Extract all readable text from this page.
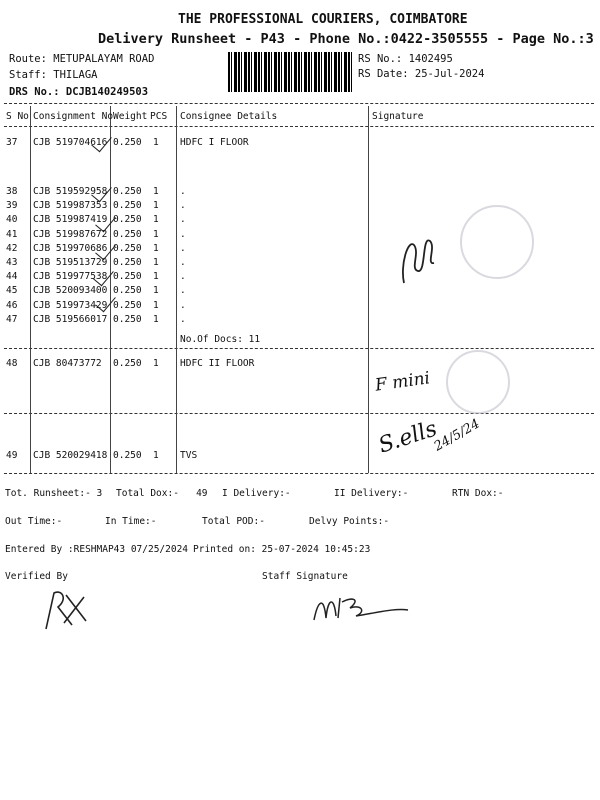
THE PROFESSIONAL COURIERS, COIMBATORE
Delivery Runsheet - P43 - Phone No.:0422-3505555 - Page No.:3
Route: METUPALAYAM ROAD
Staff: THILAGA
DRS No.: DCJB140249503
RS No.: 1402495
RS Date: 25-Jul-2024
S No Consignment No Weight PCS Consignee Details	Signature
37 CJB 519704616 0.250 1 HDFC I FLOOR
38 CJB 519592958 0.250 1 .
39 CJB 519987353 0.250 1 .
40 CJB 519987419 0.250 1 .
41 CJB 519987672 0.250 1 .
42 CJB 519970686 0.250 1 .
43 CJB 519513729 0.250 1 .
44 CJB 519977538 0.250 1 .
45 CJB 520093400 0.250 1 .
46 CJB 519973429 0.250 1 .
47 CJB 519566017 0.250 1 .
No.Of Docs: 11
48 CJB 80473772 0.250 1 HDFC II FLOOR
49 CJB 520029418 0.250 1 TVS
F mini
S.ells
24/5/24
Tot. Runsheet:- 3 Total Dox:-   49 I Delivery:-	II Delivery:-	RTN Dox:-
Out Time:-	In Time:-	Total POD:-	Delvy Points:-
Entered By :RESHMAP43 07/25/2024 Printed on: 25-07-2024 10:45:23
Verified By	Staff Signature
